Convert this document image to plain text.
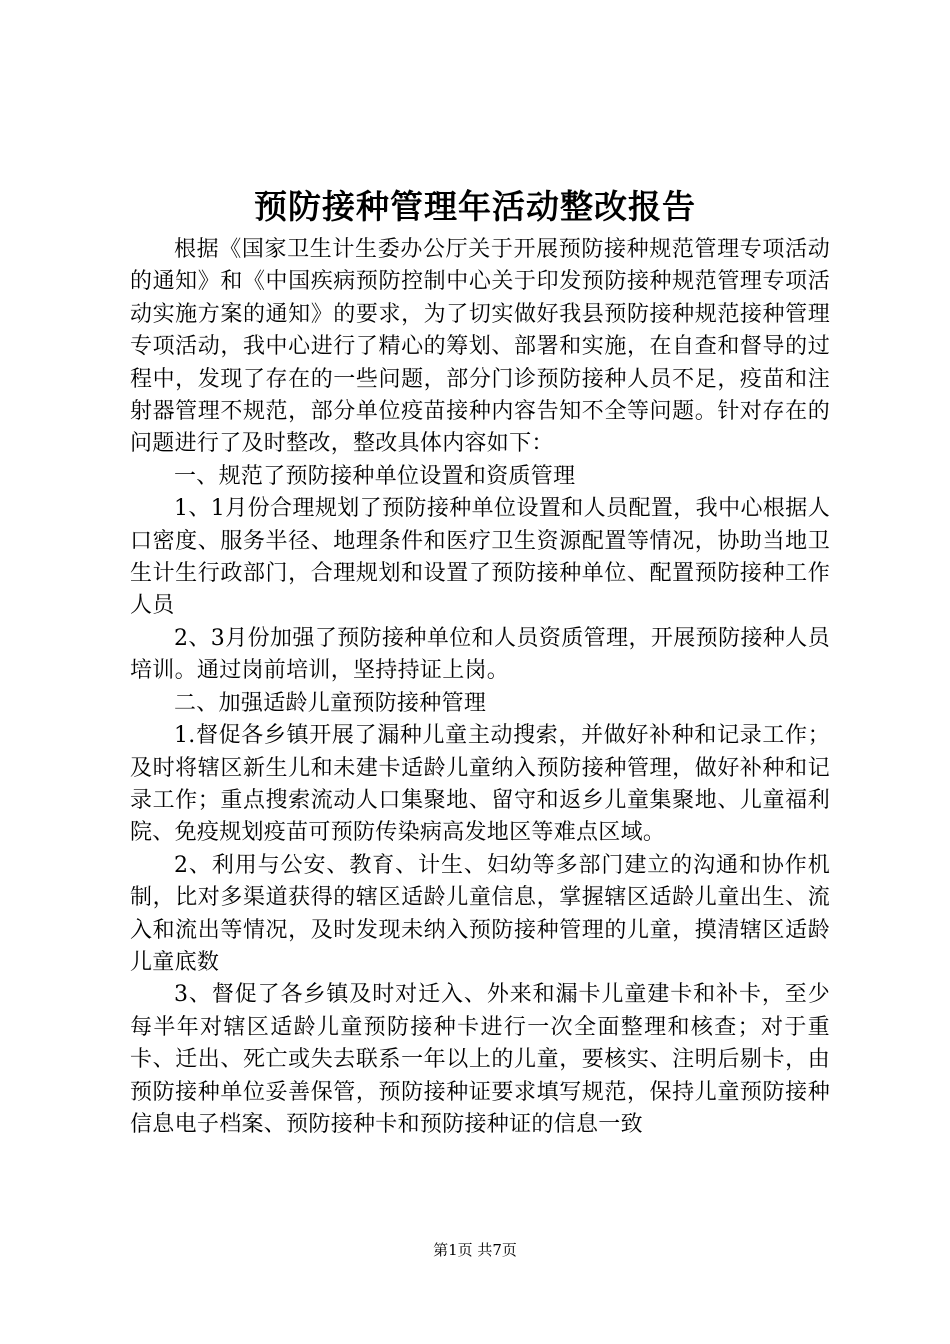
预防接种管理年活动整改报告

根据《国家卫生计生委办公厅关于开展预防接种规范管理专项活动的通知》和《中国疾病预防控制中心关于印发预防接种规范管理专项活动实施方案的通知》的要求，为了切实做好我县预防接种规范接种管理专项活动，我中心进行了精心的筹划、部署和实施，在自查和督导的过程中，发现了存在的一些问题，部分门诊预防接种人员不足，疫苗和注射器管理不规范，部分单位疫苗接种内容告知不全等问题。针对存在的问题进行了及时整改，整改具体内容如下：

一、规范了预防接种单位设置和资质管理

1、1月份合理规划了预防接种单位设置和人员配置，我中心根据人口密度、服务半径、地理条件和医疗卫生资源配置等情况，协助当地卫生计生行政部门，合理规划和设置了预防接种单位、配置预防接种工作人员

2、3月份加强了预防接种单位和人员资质管理，开展预防接种人员培训。通过岗前培训，坚持持证上岗。

二、加强适龄儿童预防接种管理

1.督促各乡镇开展了漏种儿童主动搜索，并做好补种和记录工作；及时将辖区新生儿和未建卡适龄儿童纳入预防接种管理，做好补种和记录工作；重点搜索流动人口集聚地、留守和返乡儿童集聚地、儿童福利院、免疫规划疫苗可预防传染病高发地区等难点区域。

2、利用与公安、教育、计生、妇幼等多部门建立的沟通和协作机制，比对多渠道获得的辖区适龄儿童信息，掌握辖区适龄儿童出生、流入和流出等情况，及时发现未纳入预防接种管理的儿童，摸清辖区适龄儿童底数

3、督促了各乡镇及时对迁入、外来和漏卡儿童建卡和补卡，至少每半年对辖区适龄儿童预防接种卡进行一次全面整理和核查；对于重卡、迁出、死亡或失去联系一年以上的儿童，要核实、注明后剔卡，由预防接种单位妥善保管，预防接种证要求填写规范，保持儿童预防接种信息电子档案、预防接种卡和预防接种证的信息一致

第1页 共7页
